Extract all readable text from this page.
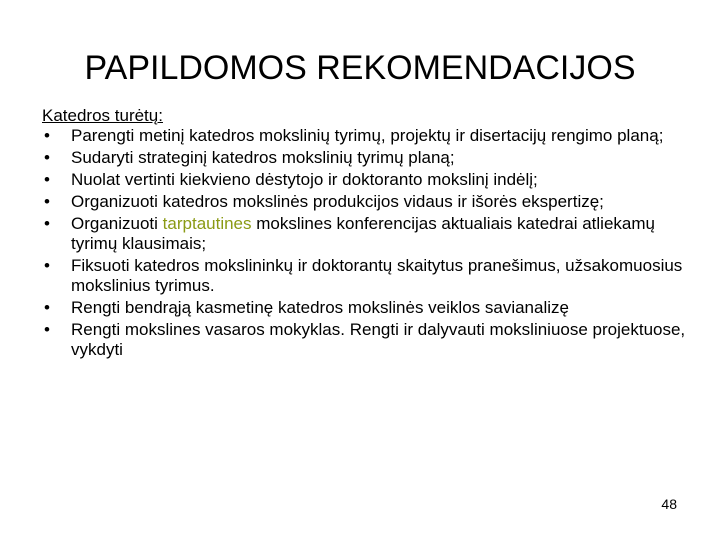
PAPILDOMOS REKOMENDACIJOS

Katedros turėtų:

• Parengti metinį katedros mokslinių tyrimų, projektų ir disertacijų rengimo planą;
• Sudaryti strateginį katedros mokslinių tyrimų planą;
• Nuolat vertinti kiekvieno dėstytojo ir doktoranto mokslinį indėlį;
• Organizuoti katedros mokslinės produkcijos vidaus ir išorės ekspertizę;
• Organizuoti tarptautines mokslines konferencijas aktualiais katedrai atliekamų tyrimų klausimais;
• Fiksuoti katedros mokslininkų ir doktorantų skaitytus pranešimus, užsakomuosius mokslinius tyrimus.
• Rengti bendrąją kasmetinę katedros mokslinės veiklos savianalizę
• Rengti mokslines vasaros mokyklas. Rengti ir dalyvauti moksliniuose projektuose, vykdyti
48
